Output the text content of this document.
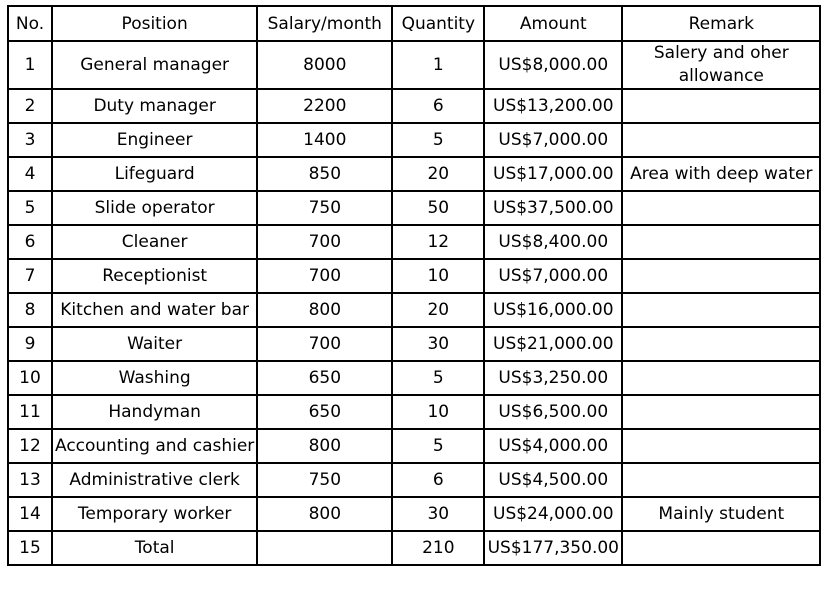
No.	Position	Salary/month	Quantity	Amount	Remark
1	General manager	8000	1	US$8,000.00	Salery and oher allowance
2	Duty manager	2200	6	US$13,200.00	
3	Engineer	1400	5	US$7,000.00	
4	Lifeguard	850	20	US$17,000.00	Area with deep water
5	Slide operator	750	50	US$37,500.00	
6	Cleaner	700	12	US$8,400.00	
7	Receptionist	700	10	US$7,000.00	
8	Kitchen and water bar	800	20	US$16,000.00	
9	Waiter	700	30	US$21,000.00	
10	Washing	650	5	US$3,250.00	
11	Handyman	650	10	US$6,500.00	
12	Accounting and cashier	800	5	US$4,000.00	
13	Administrative clerk	750	6	US$4,500.00	
14	Temporary worker	800	30	US$24,000.00	Mainly student
15	Total		210	US$177,350.00	
